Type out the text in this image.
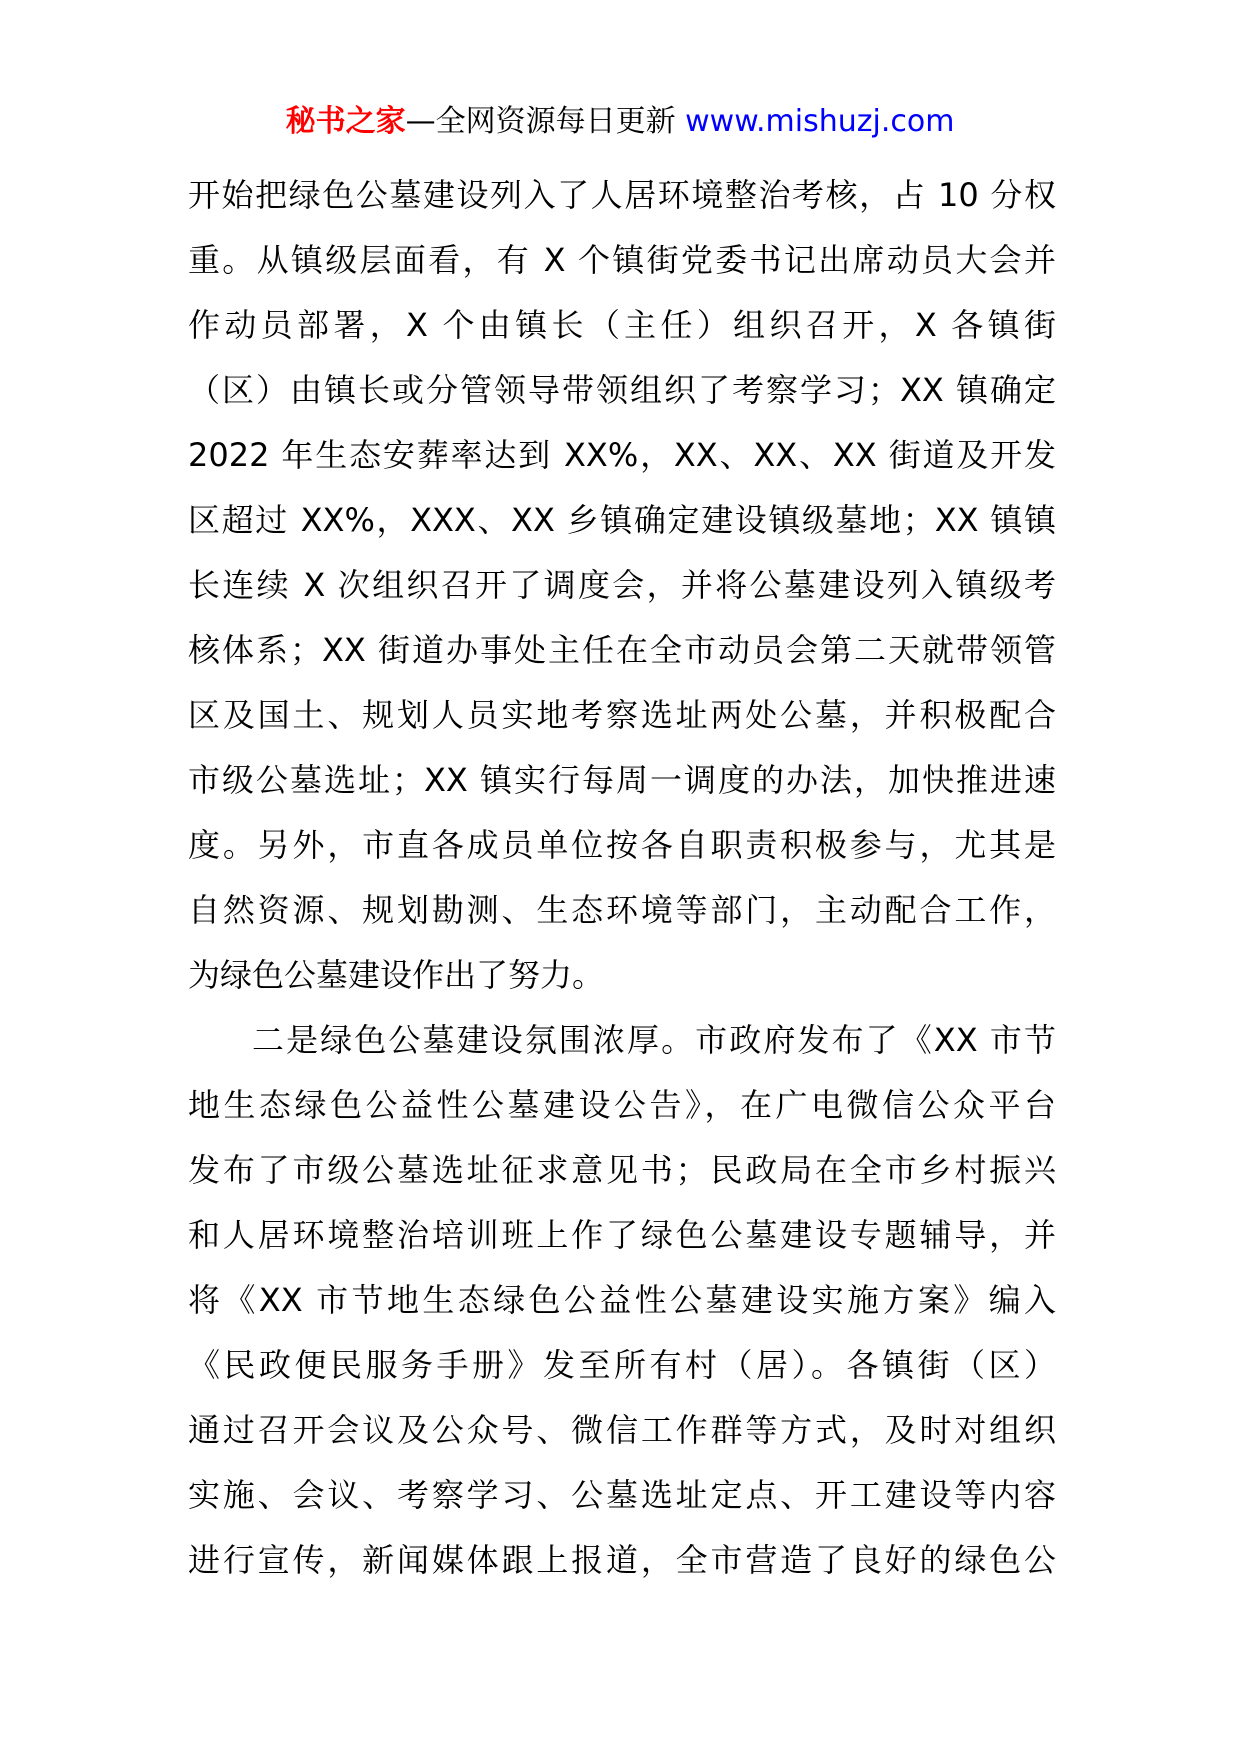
秘书之家—全网资源每日更新 www.mishuzj.com
开始把绿色公墓建设列入了人居环境整治考核，占 10 分权
重。从镇级层面看，有 X 个镇街党委书记出席动员大会并
作动员部署，X 个由镇长（主任）组织召开，X 各镇街
（区）由镇长或分管领导带领组织了考察学习；XX 镇确定
2022 年生态安葬率达到 XX%，XX、XX、XX 街道及开发
区超过 XX%，XXX、XX 乡镇确定建设镇级墓地；XX 镇镇
长连续 X 次组织召开了调度会，并将公墓建设列入镇级考
核体系；XX 街道办事处主任在全市动员会第二天就带领管
区及国土、规划人员实地考察选址两处公墓，并积极配合
市级公墓选址；XX 镇实行每周一调度的办法，加快推进速
度。另外，市直各成员单位按各自职责积极参与，尤其是
自然资源、规划勘测、生态环境等部门，主动配合工作，
为绿色公墓建设作出了努力。
二是绿色公墓建设氛围浓厚。市政府发布了《XX 市节
地生态绿色公益性公墓建设公告》，在广电微信公众平台
发布了市级公墓选址征求意见书；民政局在全市乡村振兴
和人居环境整治培训班上作了绿色公墓建设专题辅导，并
将《XX 市节地生态绿色公益性公墓建设实施方案》编入
《民政便民服务手册》发至所有村（居）。各镇街（区）
通过召开会议及公众号、微信工作群等方式，及时对组织
实施、会议、考察学习、公墓选址定点、开工建设等内容
进行宣传，新闻媒体跟上报道，全市营造了良好的绿色公
